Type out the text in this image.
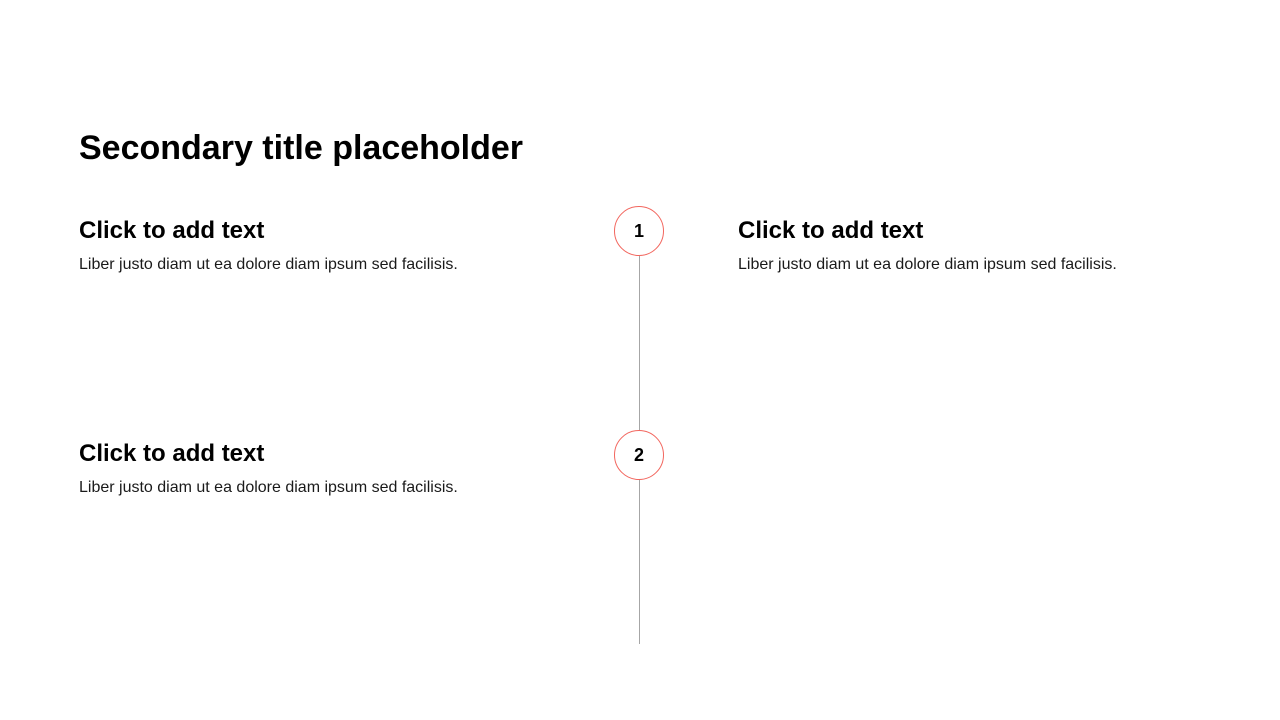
Secondary title placeholder
1
2
Click to add text
Liber justo diam ut ea dolore diam ipsum sed facilisis.
Click to add text
Liber justo diam ut ea dolore diam ipsum sed facilisis.
Click to add text
Liber justo diam ut ea dolore diam ipsum sed facilisis.
